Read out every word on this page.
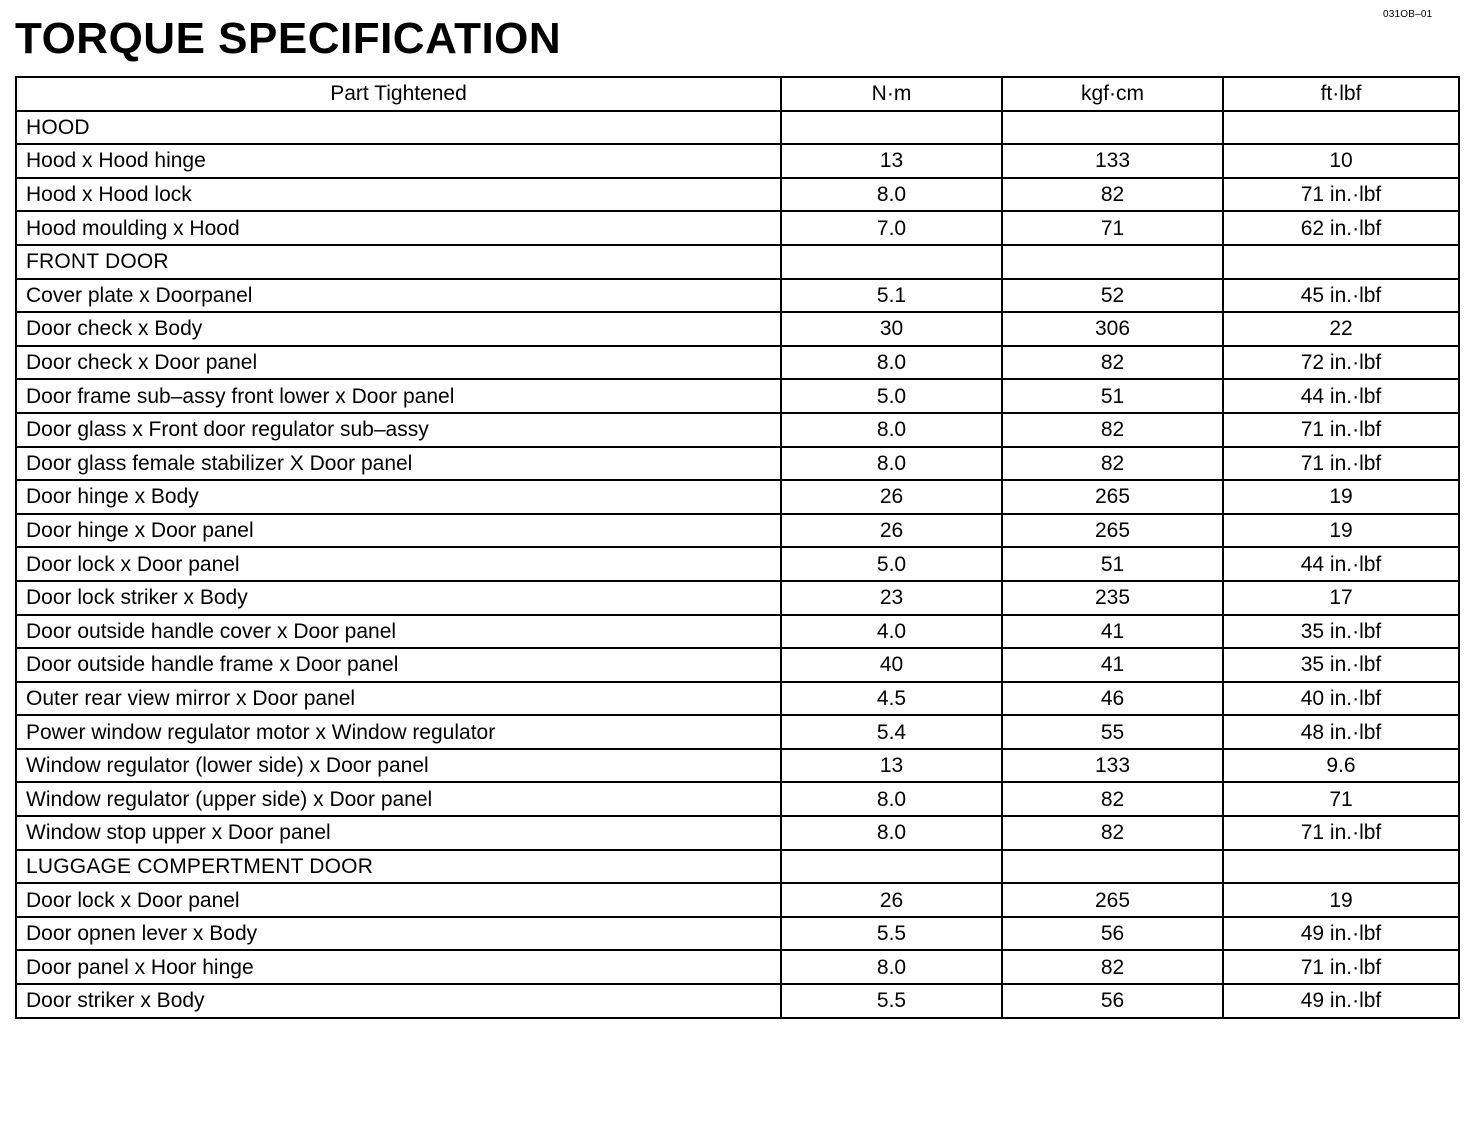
031OB–01
TORQUE SPECIFICATION
Part Tightened	N·m	kgf·cm	ft·lbf
HOOD			
Hood x Hood hinge	13	133	10
Hood x Hood lock	8.0	82	71 in.·lbf
Hood moulding x Hood	7.0	71	62 in.·lbf
FRONT DOOR			
Cover plate x Doorpanel	5.1	52	45 in.·lbf
Door check x Body	30	306	22
Door check x Door panel	8.0	82	72 in.·lbf
Door frame sub–assy front lower x Door panel	5.0	51	44 in.·lbf
Door glass x Front door regulator sub–assy	8.0	82	71 in.·lbf
Door glass female stabilizer X Door panel	8.0	82	71 in.·lbf
Door hinge x Body	26	265	19
Door hinge x Door panel	26	265	19
Door lock x Door panel	5.0	51	44 in.·lbf
Door lock striker x Body	23	235	17
Door outside handle cover x Door panel	4.0	41	35 in.·lbf
Door outside handle frame x Door panel	40	41	35 in.·lbf
Outer rear view mirror x Door panel	4.5	46	40 in.·lbf
Power window regulator motor x Window regulator	5.4	55	48 in.·lbf
Window regulator (lower side) x Door panel	13	133	9.6
Window regulator (upper side) x Door panel	8.0	82	71
Window stop upper x Door panel	8.0	82	71 in.·lbf
LUGGAGE COMPERTMENT DOOR			
Door lock x Door panel	26	265	19
Door opnen lever x Body	5.5	56	49 in.·lbf
Door panel x Hoor hinge	8.0	82	71 in.·lbf
Door striker x Body	5.5	56	49 in.·lbf
